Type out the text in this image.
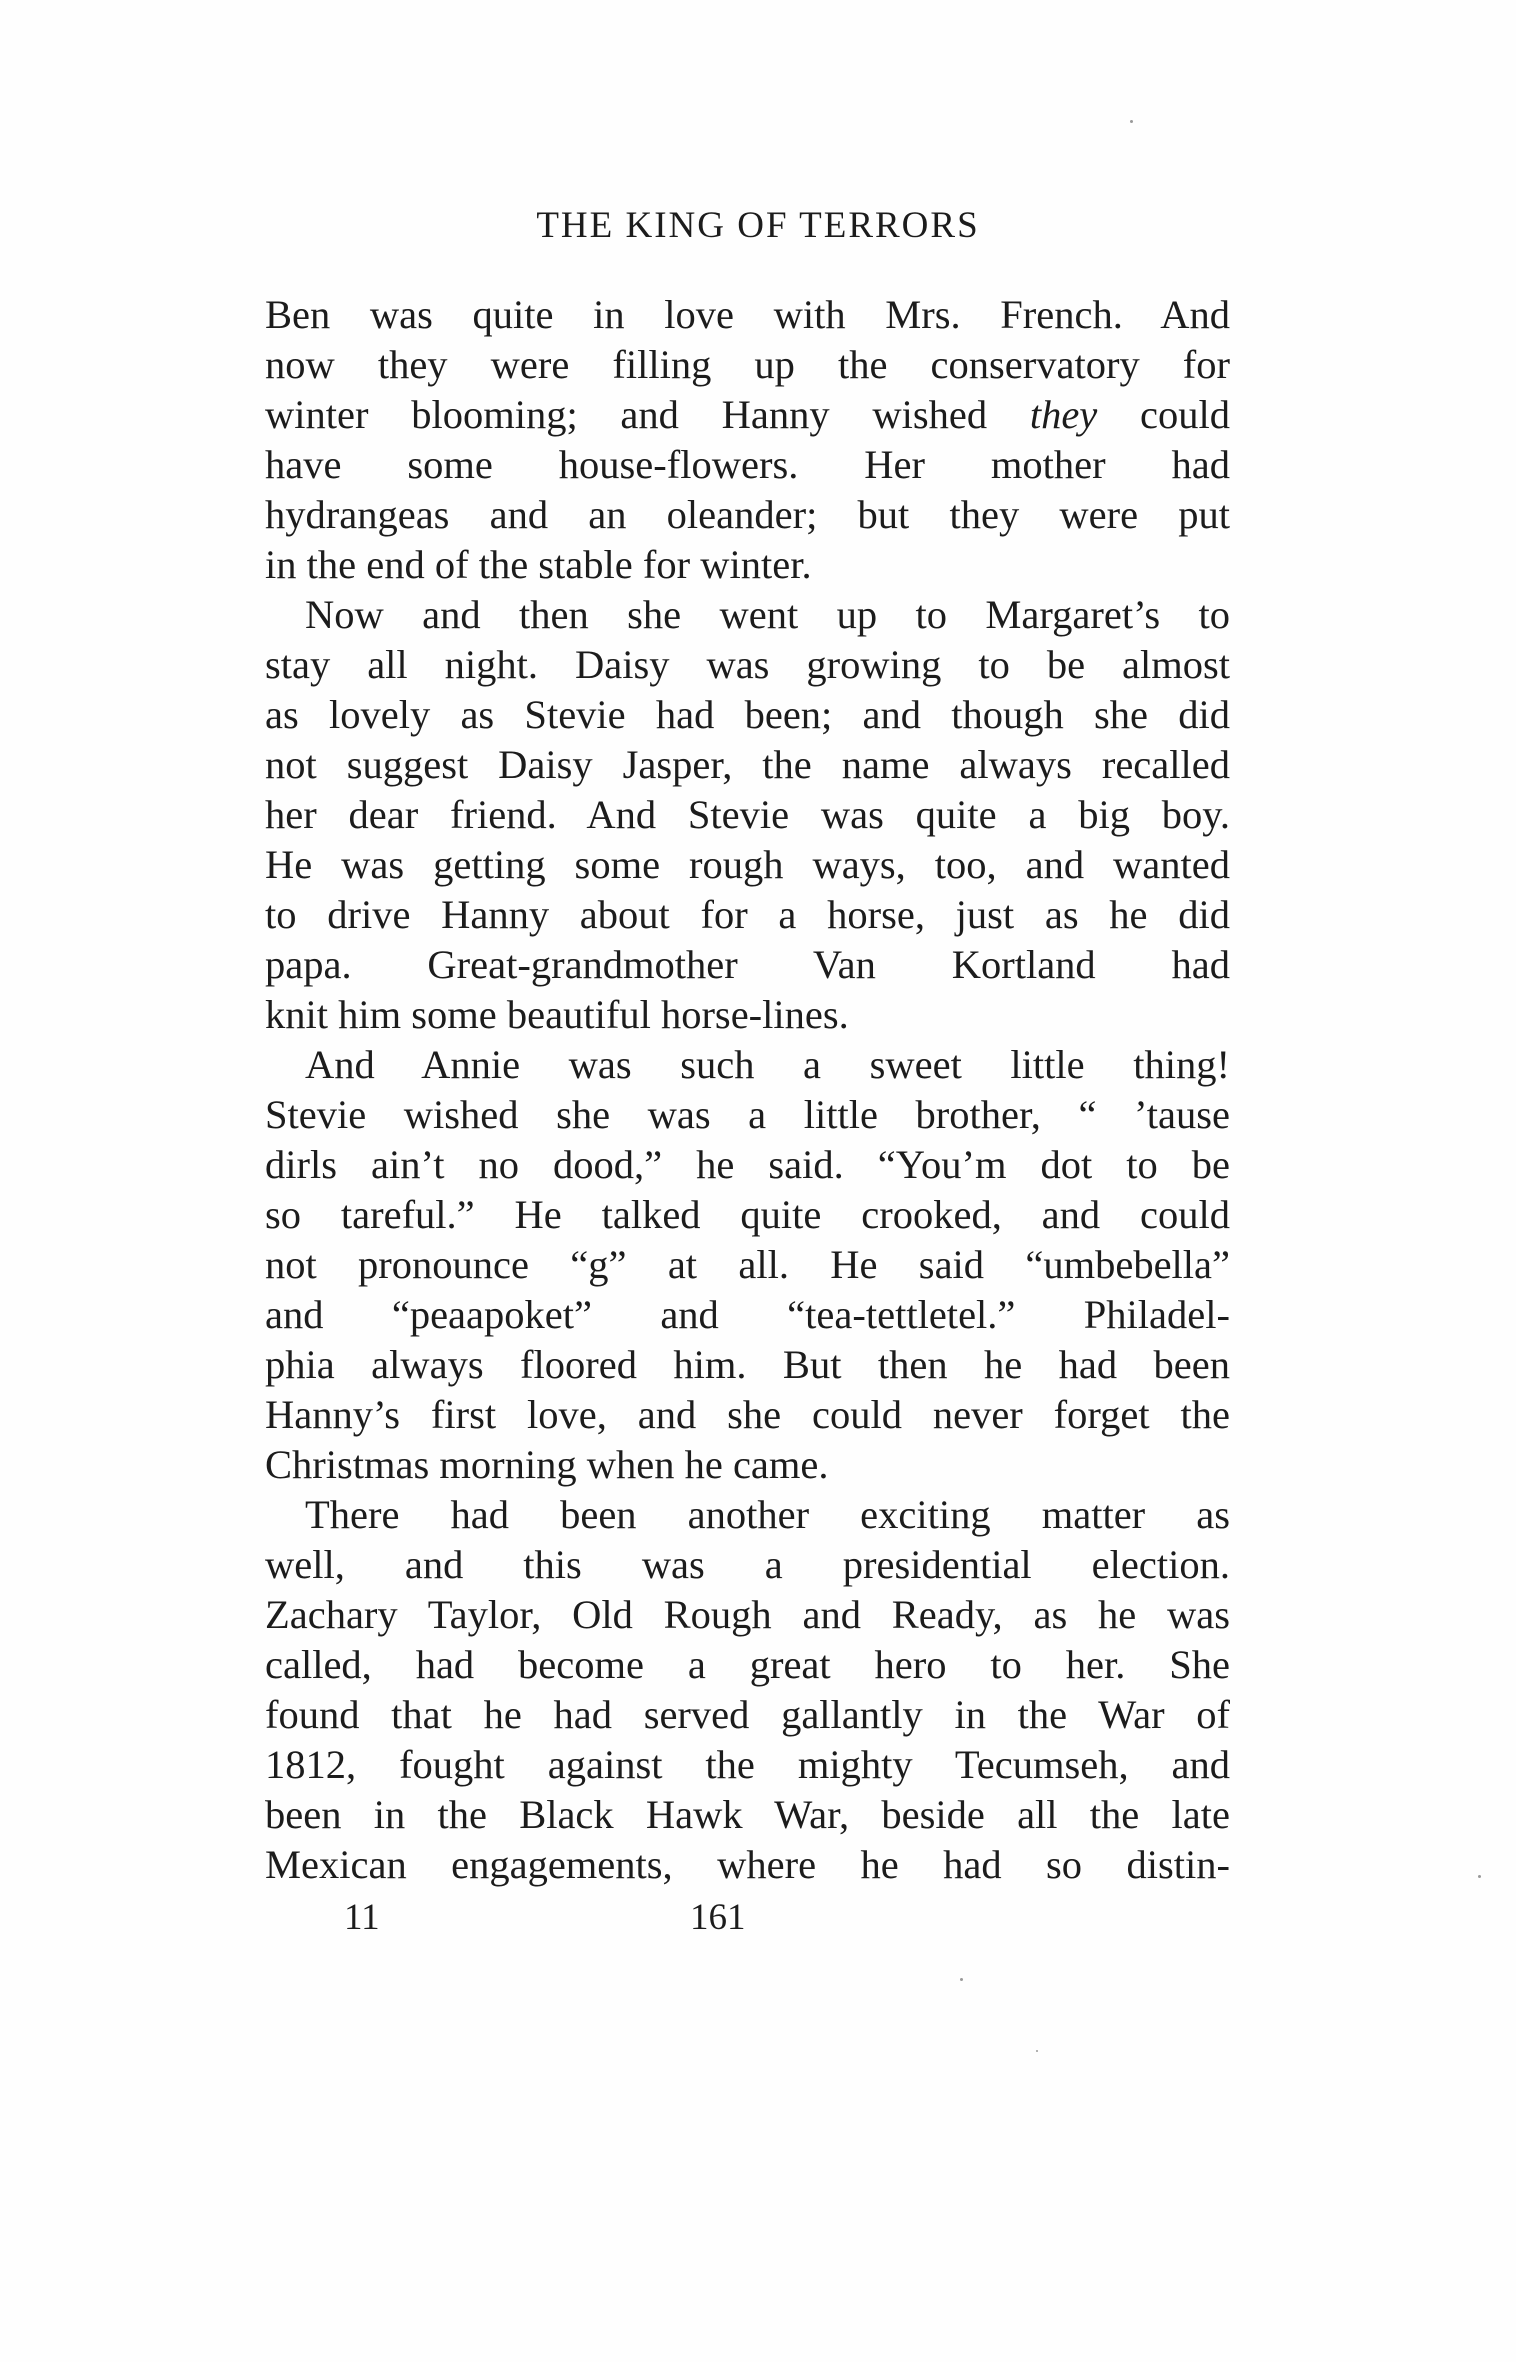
THE KING OF TERRORS
Ben was quite in love with Mrs. French. And
now they were filling up the conservatory for
winter blooming; and Hanny wished they could
have some house-flowers. Her mother had
hydrangeas and an oleander; but they were put
in the end of the stable for winter.
Now and then she went up to Margaret’s to
stay all night. Daisy was growing to be almost
as lovely as Stevie had been; and though she did
not suggest Daisy Jasper, the name always recalled
her dear friend. And Stevie was quite a big boy.
He was getting some rough ways, too, and wanted
to drive Hanny about for a horse, just as he did
papa. Great-grandmother Van Kortland had
knit him some beautiful horse-lines.
And Annie was such a sweet little thing!
Stevie wished she was a little brother, “ ’tause
dirls ain’t no dood,” he said. “You’m dot to be
so tareful.” He talked quite crooked, and could
not pronounce “g” at all. He said “umbebella”
and “peaapoket” and “tea-tettletel.” Philadel-
phia always floored him. But then he had been
Hanny’s first love, and she could never forget the
Christmas morning when he came.
There had been another exciting matter as
well, and this was a presidential election.
Zachary Taylor, Old Rough and Ready, as he was
called, had become a great hero to her. She
found that he had served gallantly in the War of
1812, fought against the mighty Tecumseh, and
been in the Black Hawk War, beside all the late
Mexican engagements, where he had so distin-
11	161
